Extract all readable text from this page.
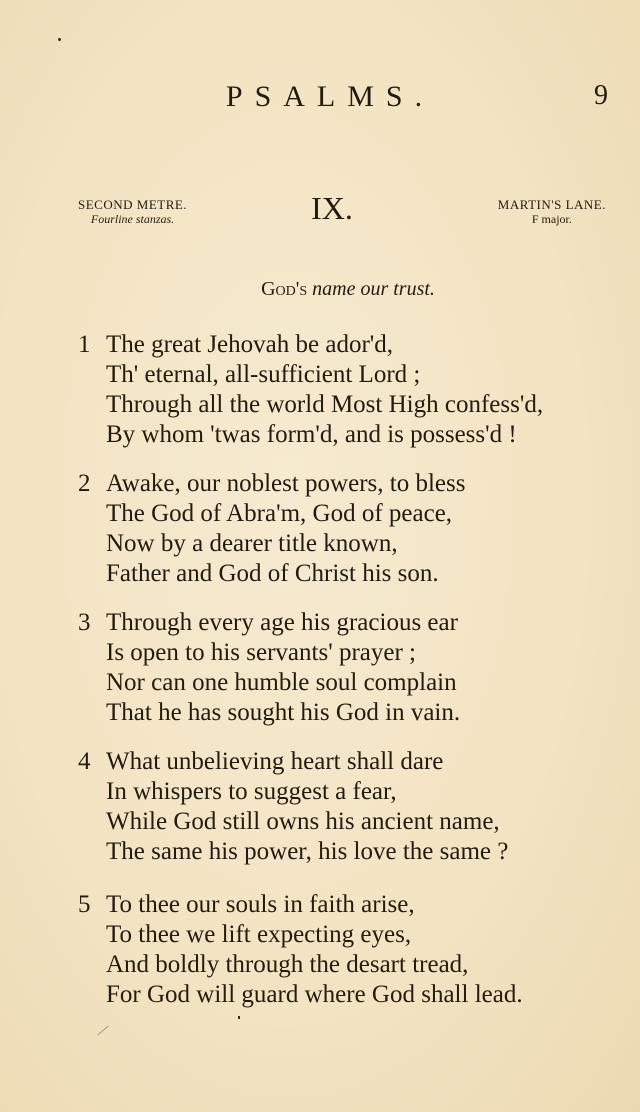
PSALMS.	9
SECOND METRE.
Fourline stanzas.	IX.	MARTIN'S LANE.
F major.
God's name our trust.
1 The great Jehovah be ador'd,
Th' eternal, all-sufficient Lord ;
Through all the world Most High confess'd,
By whom 'twas form'd, and is possess'd !
2 Awake, our noblest powers, to bless
The God of Abra'm, God of peace,
Now by a dearer title known,
Father and God of Christ his son.
3 Through every age his gracious ear
Is open to his servants' prayer ;
Nor can one humble soul complain
That he has sought his God in vain.
4 What unbelieving heart shall dare
In whispers to suggest a fear,
While God still owns his ancient name,
The same his power, his love the same ?
5 To thee our souls in faith arise,
To thee we lift expecting eyes,
And boldly through the desart tread,
For God will guard where God shall lead.
